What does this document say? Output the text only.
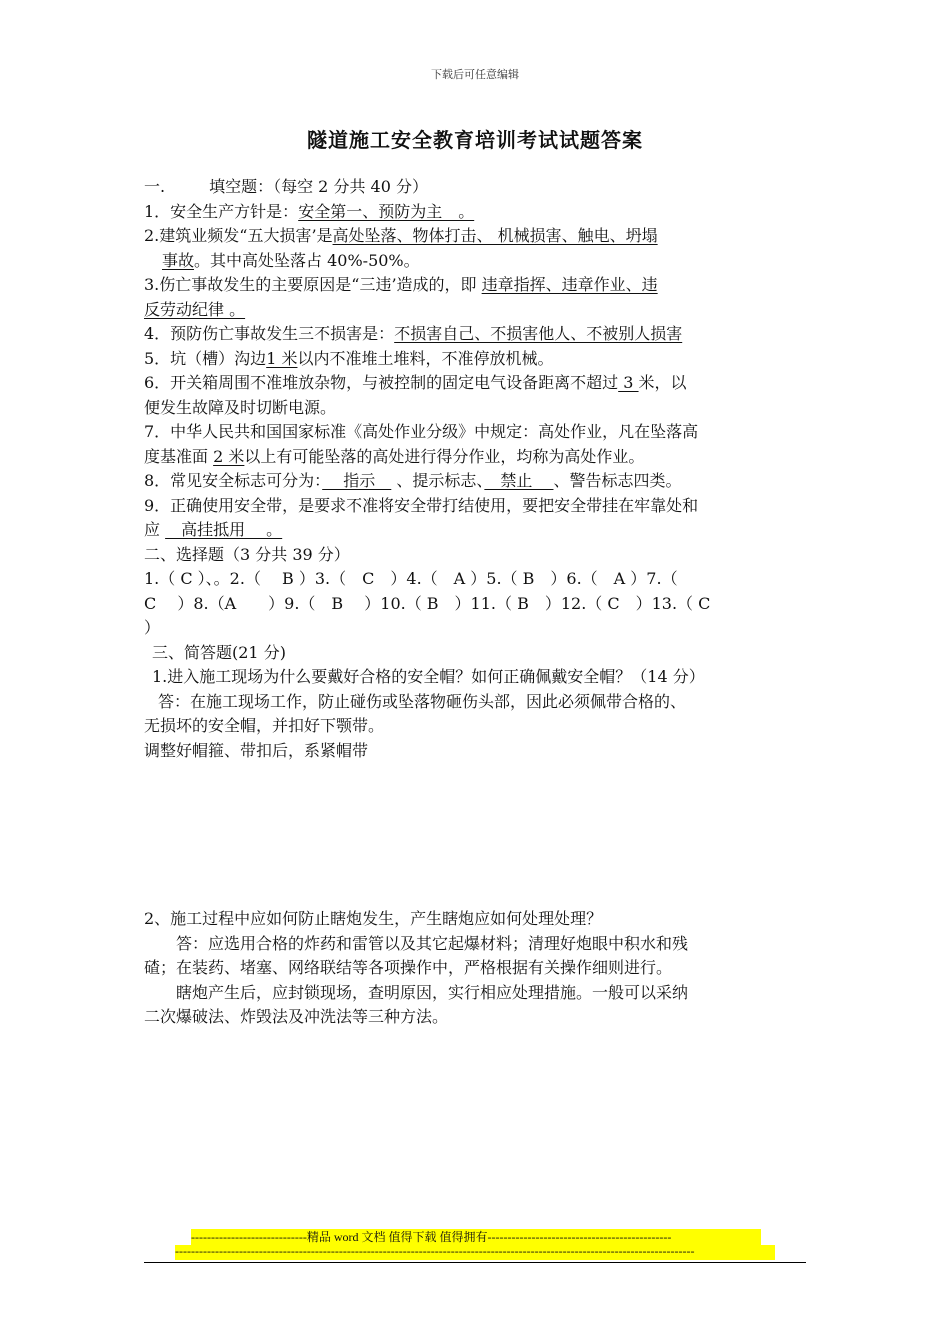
下载后可任意编辑
隧道施工安全教育培训考试试题答案

一.	填空题：（每空 2 分共 40 分）

1．安全生产方针是：安全第一、预防为主　。

2.建筑业频发“五大损害’是高处坠落、物体打击、 机械损害、触电、坍塌

事故。其中高处坠落占 40%-50%。

3.伤亡事故发生的主要原因是“三违’造成的，即 违章指挥、违章作业、违

反劳动纪律 。

4．预防伤亡事故发生三不损害是：不损害自己、不损害他人、不被别人损害

5．坑（槽）沟边1 米以内不准堆土堆料，不准停放机械。

6．开关箱周围不准堆放杂物，与被控制的固定电气设备距离不超过 3 米，以

便发生故障及时切断电源。

7．中华人民共和国国家标准《高处作业分级》中规定：高处作业，凡在坠落高

度基准面 2 米以上有可能坠落的高处进行得分作业，均称为高处作业。

8．常见安全标志可分为：　 指示　 、提示标志、　禁止　 、警告标志四类。

9．正确使用安全带，是要求不准将安全带打结使用，要把安全带挂在牢靠处和

应 　高挂抵用　 。

二、选择题（3 分共 39 分）

1.（ C ）、。2.（　 B ）3.（　C　）4.（　A ）5.（ B　）6.（　A ）7.（

C　 ）8.（A　　）9.（　B　 ）10.（ B　）11.（ B　）12.（ C　）13.（ C

）

三、简答题(21 分)

1.进入施工现场为什么要戴好合格的安全帽？如何正确佩戴安全帽？（14 分）

答：在施工现场工作，防止碰伤或坠落物砸伤头部，因此必须佩带合格的、

无损坏的安全帽，并扣好下颚带。

调整好帽箍、带扣后，系紧帽带

2、施工过程中应如何防止瞎炮发生，产生瞎炮应如何处理处理？

答：应选用合格的炸药和雷管以及其它起爆材料；清理好炮眼中积水和残

碴；在装药、堵塞、网络联结等各项操作中，严格根据有关操作细则进行。

瞎炮产生后，应封锁现场，查明原因，实行相应处理措施。一般可以采纳

二次爆破法、炸毁法及冲洗法等三种方法。

-----------------------------精品 word 文档 值得下载 值得拥有----------------------------------------------
----------------------------------------------------------------------------------------------------------------------------------
